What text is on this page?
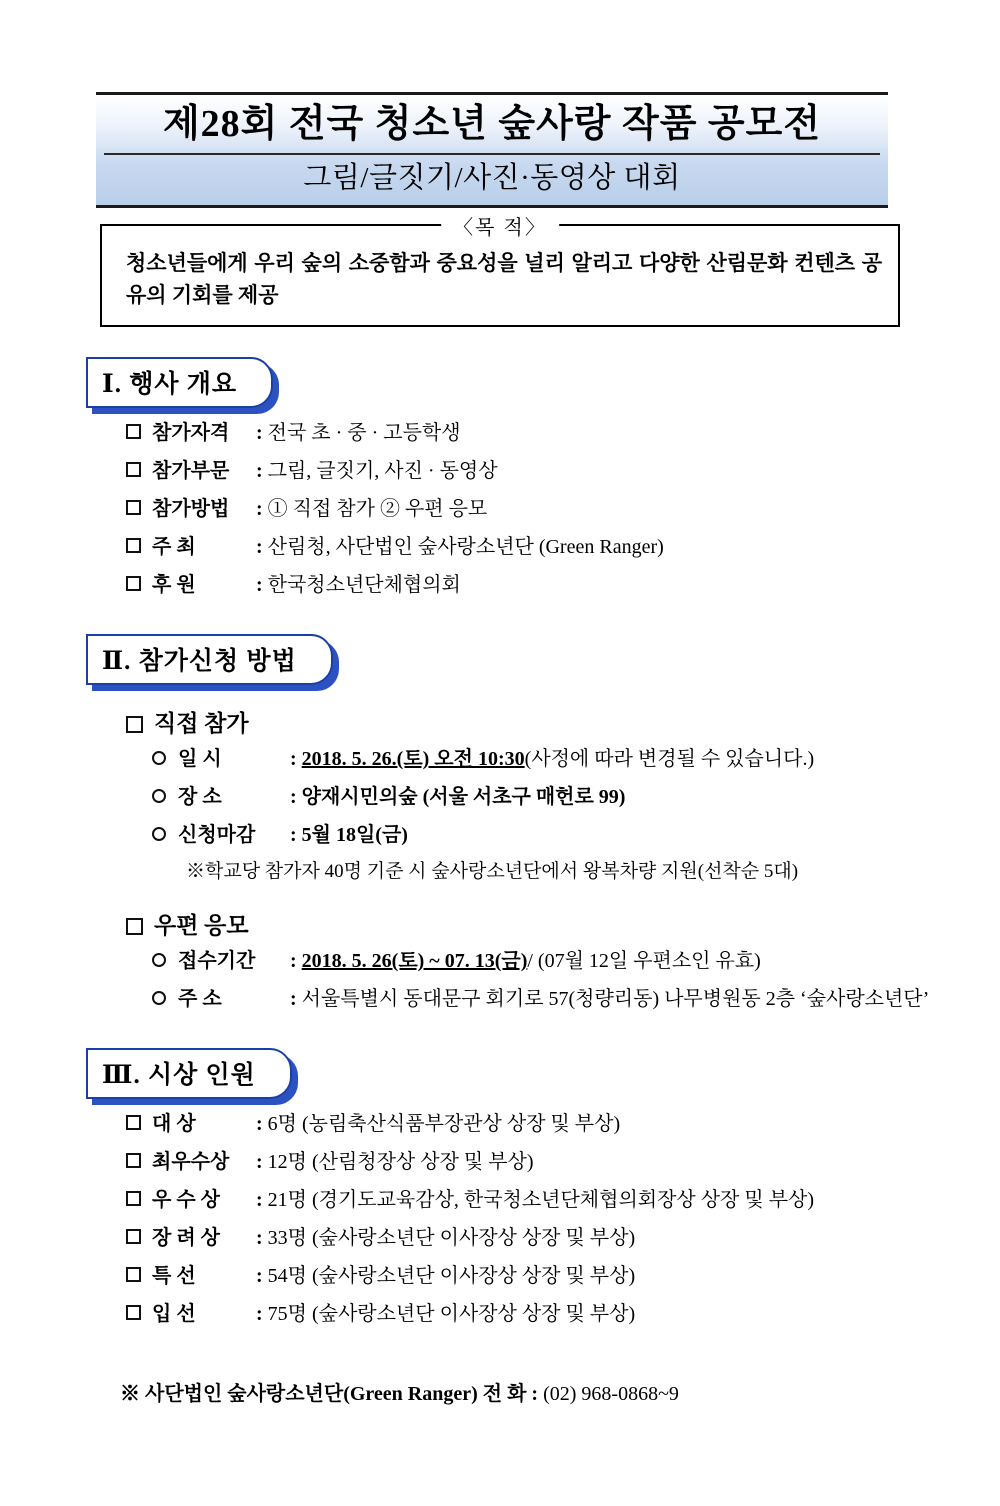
제28회 전국 청소년 숲사랑 작품 공모전
그림/글짓기/사진·동영상 대회
〈목 적〉
청소년들에게 우리 숲의 소중함과 중요성을 널리 알리고 다양한 산림문화 컨텐츠 공유의 기회를 제공
Ⅰ. 행사 개요
참가자격	: 전국 초 · 중 · 고등학생
참가부문	: 그림, 글짓기, 사진 · 동영상
참가방법	: ① 직접 참가 ② 우편 응모
주 최	: 산림청, 사단법인 숲사랑소년단 (Green Ranger)
후 원	: 한국청소년단체협의회
Ⅱ. 참가신청 방법
직접 참가
일 시	: 2018. 5. 26.(토) 오전 10:30 (사정에 따라 변경될 수 있습니다.)
장 소	: 양재시민의숲 (서울 서초구 매헌로 99)
신청마감	: 5월 18일(금)
※학교당 참가자 40명 기준 시 숲사랑소년단에서 왕복차량 지원(선착순 5대)
우편 응모
접수기간	: 2018. 5. 26(토) ~ 07. 13(금) / (07월 12일 우편소인 유효)
주 소	: 서울특별시 동대문구 회기로 57(청량리동) 나무병원동 2층 ‘숲사랑소년단’
Ⅲ. 시상 인원
대 상	: 6명 (농림축산식품부장관상 상장 및 부상)
최우수상	: 12명 (산림청장상 상장 및 부상)
우 수 상	: 21명 (경기도교육감상, 한국청소년단체협의회장상 상장 및 부상)
장 려 상	: 33명 (숲사랑소년단 이사장상 상장 및 부상)
특 선	: 54명 (숲사랑소년단 이사장상 상장 및 부상)
입 선	: 75명 (숲사랑소년단 이사장상 상장 및 부상)
※ 사단법인 숲사랑소년단(Green Ranger) 전 화 : (02) 968-0868~9
